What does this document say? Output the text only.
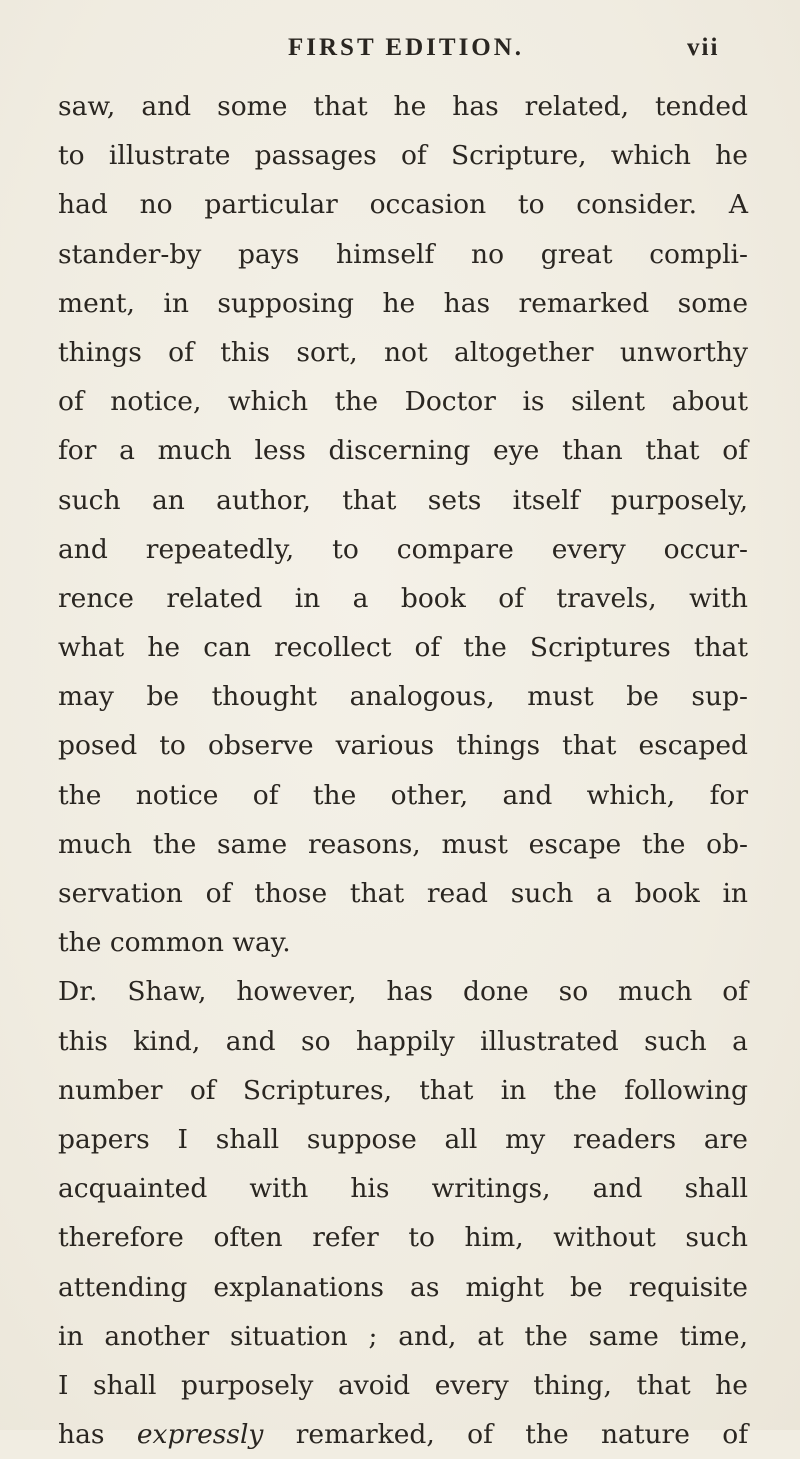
FIRST EDITION.	vii
saw, and some that he has related, tended
to illustrate passages of Scripture, which he
had no particular occasion to consider. A
stander-by pays himself no great compli-
ment, in supposing he has remarked some
things of this sort, not altogether unworthy
of notice, which the Doctor is silent about
for a much less discerning eye than that of
such an author, that sets itself purposely,
and repeatedly, to compare every occur-
rence related in a book of travels, with
what he can recollect of the Scriptures that
may be thought analogous, must be sup-
posed to observe various things that escaped
the notice of the other, and which, for
much the same reasons, must escape the ob-
servation of those that read such a book in
the common way.
Dr. Shaw, however, has done so much of
this kind, and so happily illustrated such a
number of Scriptures, that in the following
papers I shall suppose all my readers are
acquainted with his writings, and shall
therefore often refer to him, without such
attending explanations as might be requisite
in another situation ; and, at the same time,
I shall purposely avoid every thing, that he
has expressly remarked, of the nature of
